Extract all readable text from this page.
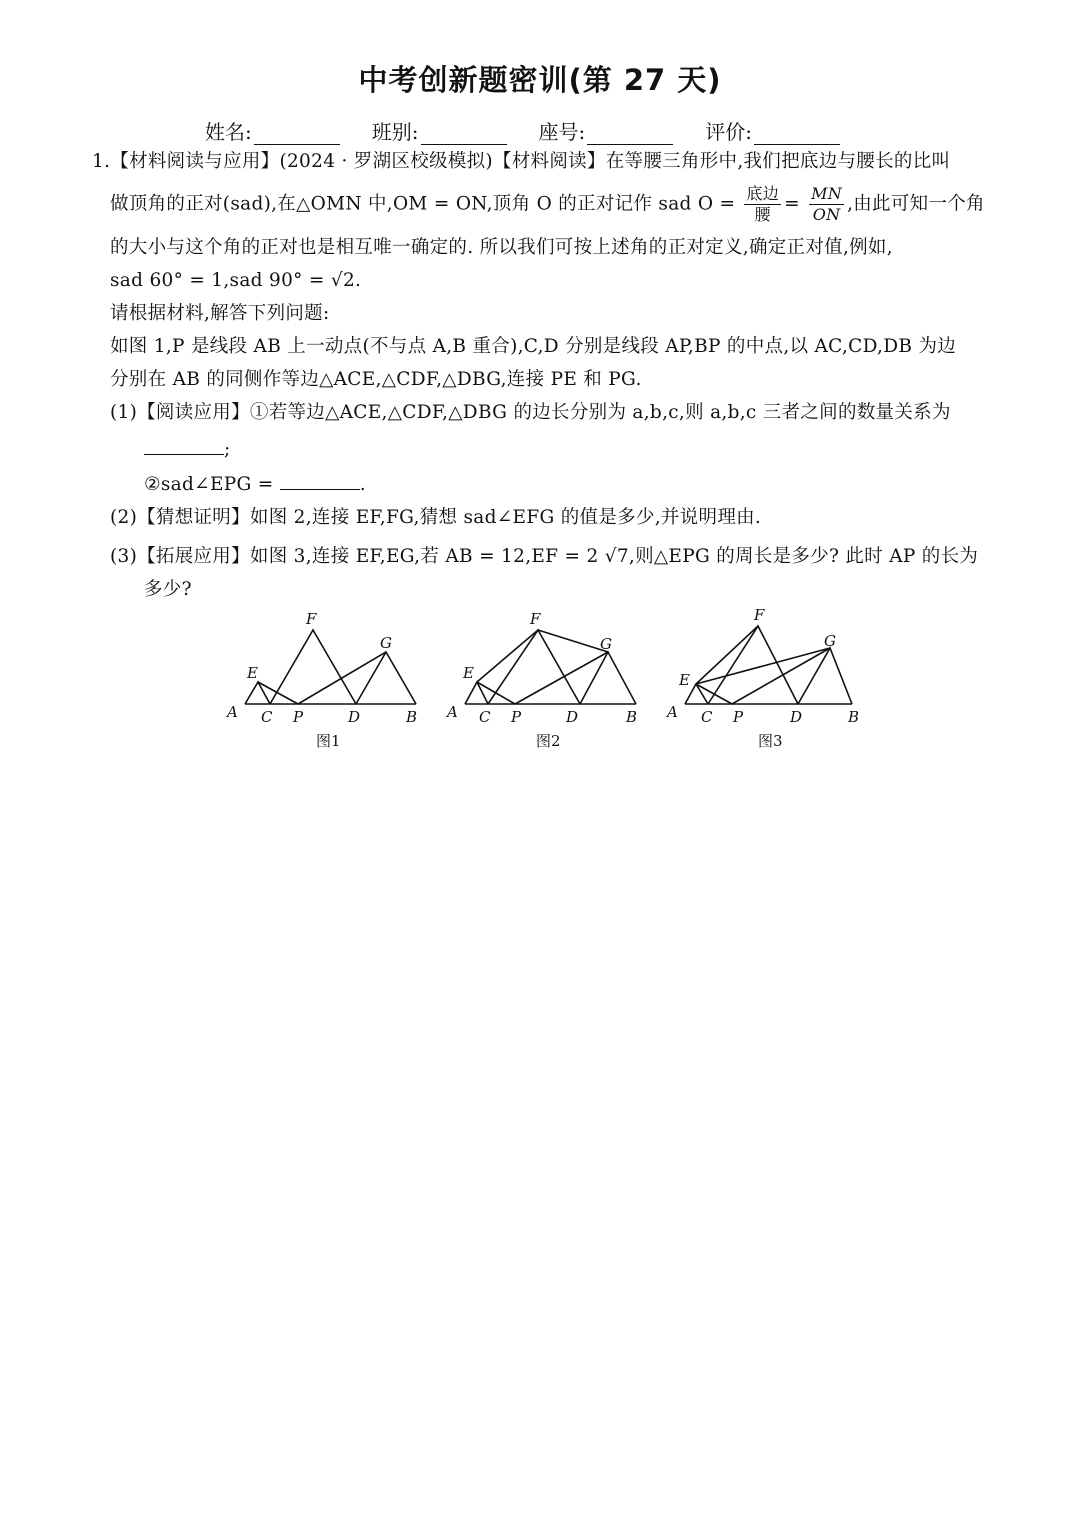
中考创新题密训(第 27 天)
姓名:	班别:	座号:	评价:
1.【材料阅读与应用】(2024 · 罗湖区校级模拟)【材料阅读】在等腰三角形中,我们把底边与腰长的比叫
做顶角的正对(sad),在△OMN 中,OM = ON,顶角 O 的正对记作 sad $O = \frac{\text{底边}}{\text{腰}} = \frac{MN}{ON}$ ,由此可知一个角
的大小与这个角的正对也是相互唯一确定的. 所以我们可按上述角的正对定义,确定正对值,例如,
sad 60° = 1,sad 90° = √2.
请根据材料,解答下列问题:
如图 1,P 是线段 AB 上一动点(不与点 A,B 重合),C,D 分别是线段 AP,BP 的中点,以 AC,CD,DB 为边
分别在 AB 的同侧作等边△ACE,△CDF,△DBG,连接 PE 和 PG.
(1)【阅读应用】①若等边△ACE,△CDF,△DBG 的边长分别为 a,b,c,则 a,b,c 三者之间的数量关系为
;
②sad∠EPG =	.
(2)【猜想证明】如图 2,连接 EF,FG,猜想 sad∠EFG 的值是多少,并说明理由.
(3)【拓展应用】如图 3,连接 EF,EG,若 AB = 12,EF = 2 √7,则△EPG 的周长是多少? 此时 AP 的长为
多少?
A C P	D	B
E
F
G
A C P	D	B
E
F
G
A C P	D	B
E
F
G
图1	图2	图3
